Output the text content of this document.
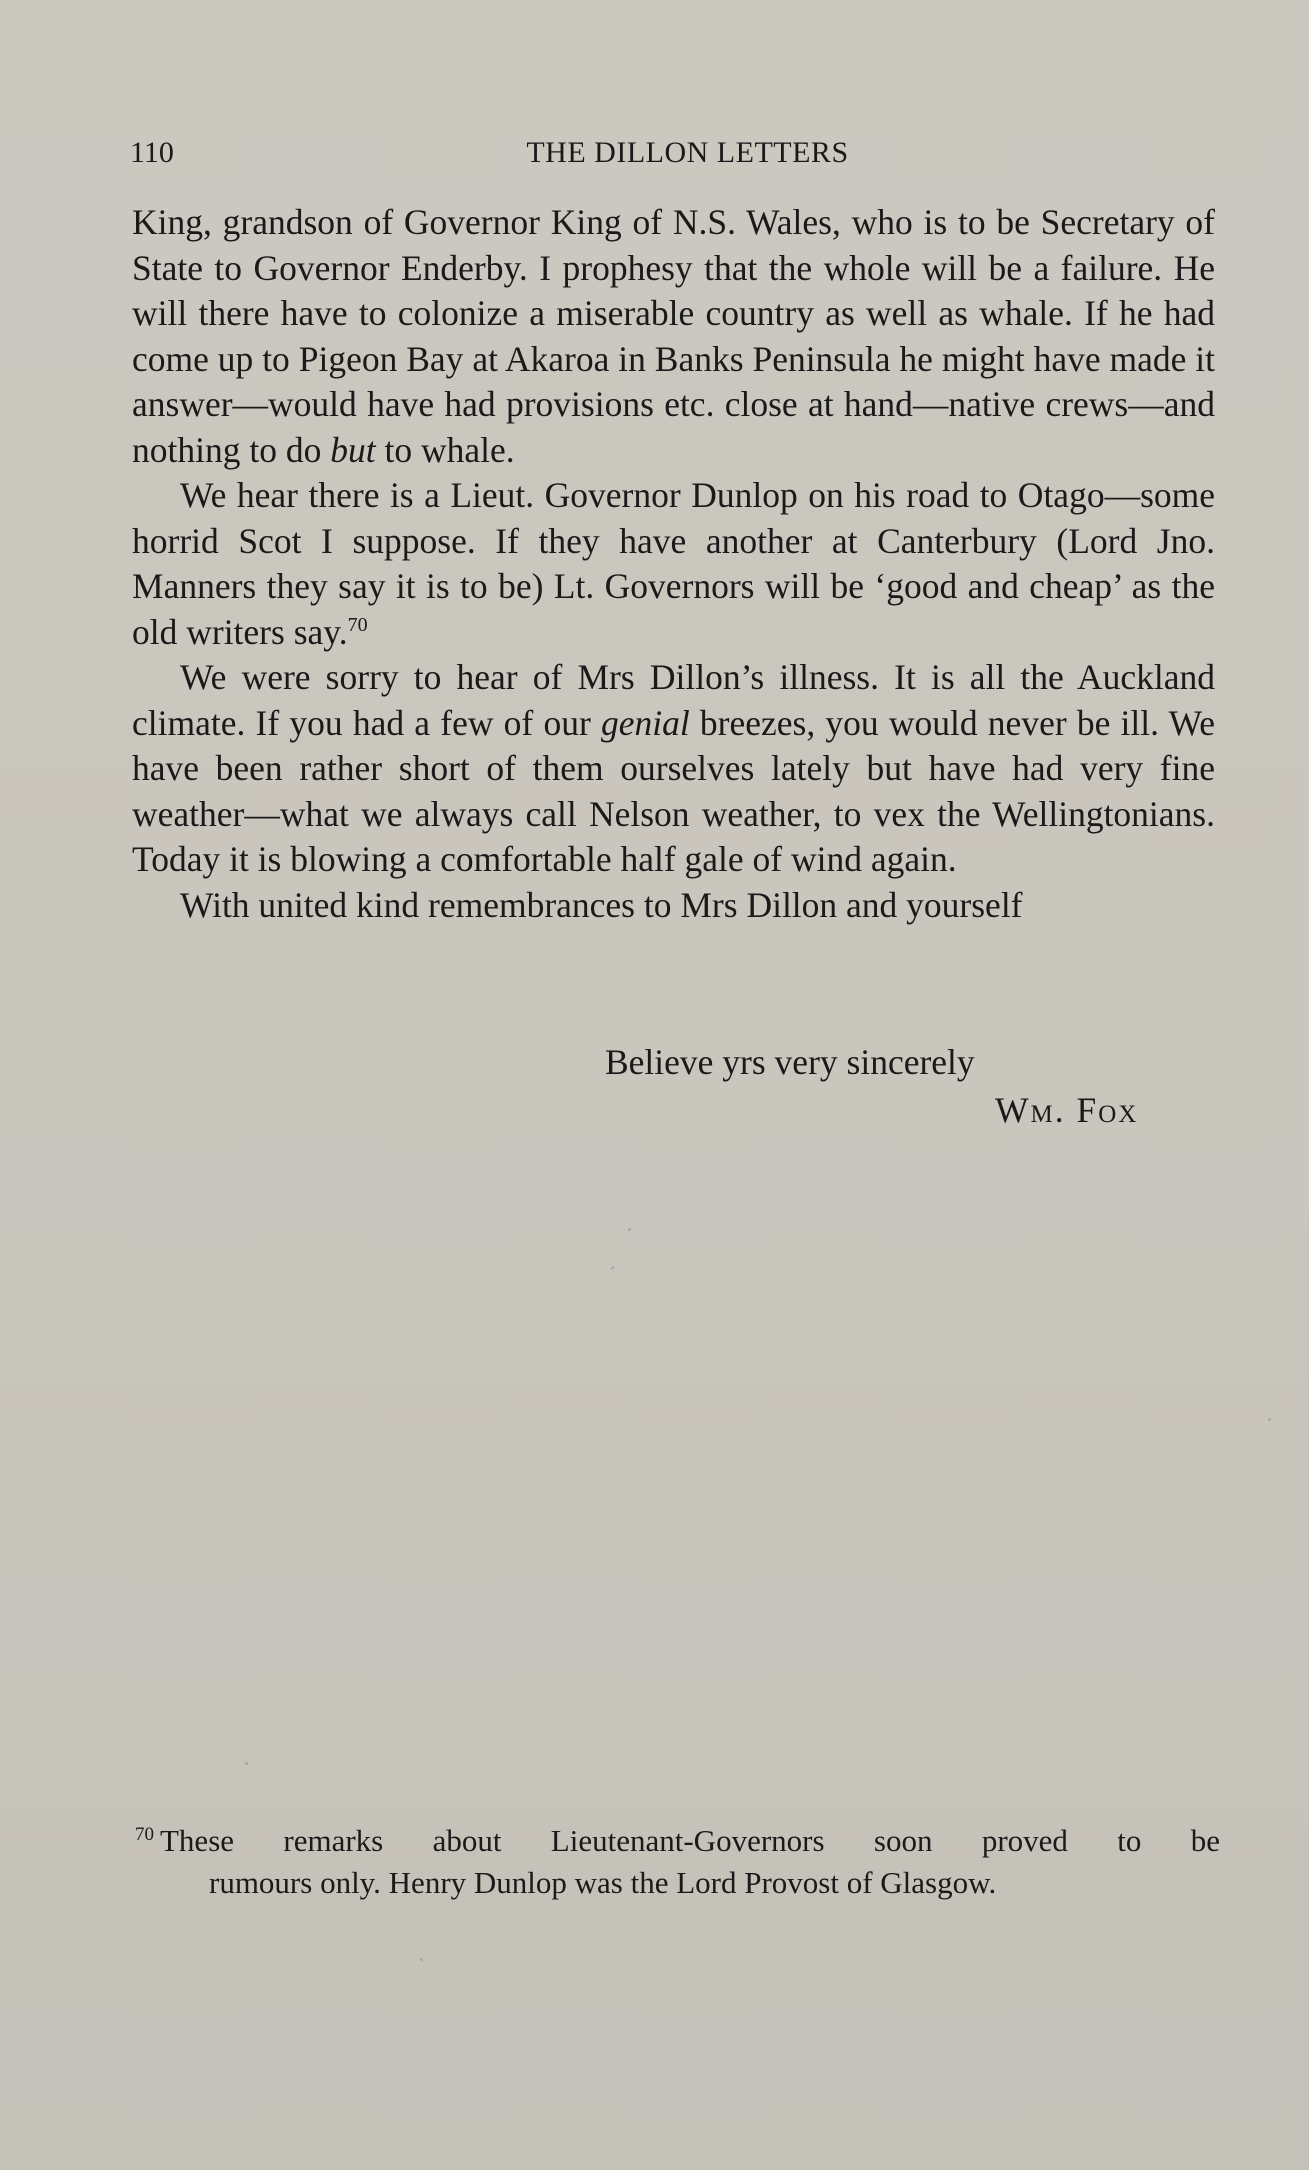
110	THE DILLON LETTERS

King, grandson of Governor King of N.S. Wales, who is to be Secretary of State to Governor Enderby. I prophesy that the whole will be a failure. He will there have to colonize a miserable country as well as whale. If he had come up to Pigeon Bay at Akaroa in Banks Peninsula he might have made it answer—would have had provisions etc. close at hand—native crews—and nothing to do but to whale.

We hear there is a Lieut. Governor Dunlop on his road to Otago—some horrid Scot I suppose. If they have another at Canterbury (Lord Jno. Manners they say it is to be) Lt. Governors will be ‘good and cheap’ as the old writers say.$^{70}$

We were sorry to hear of Mrs Dillon’s illness. It is all the Auckland climate. If you had a few of our genial breezes, you would never be ill. We have been rather short of them ourselves lately but have had very fine weather—what we always call Nelson weather, to vex the Wellingtonians. Today it is blowing a comfortable half gale of wind again.

With united kind remembrances to Mrs Dillon and yourself

Believe yrs very sincerely
Wm. Fox

$^{70}$ These remarks about Lieutenant-Governors soon proved to be

rumours only. Henry Dunlop was the Lord Provost of Glasgow.
